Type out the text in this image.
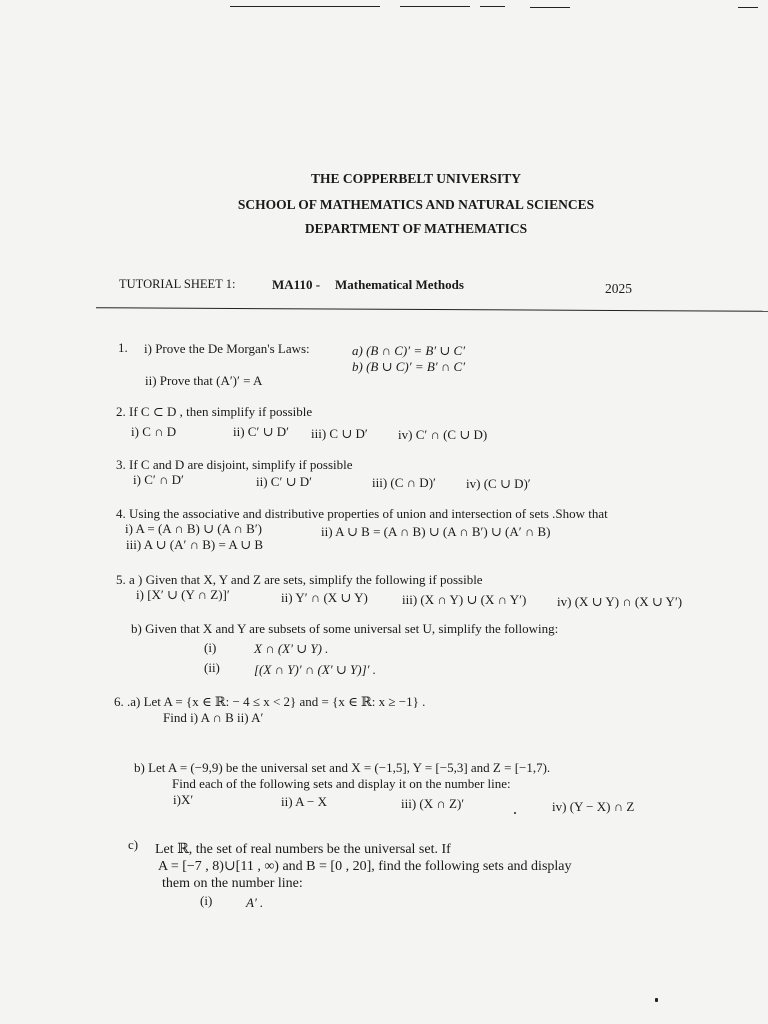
THE COPPERBELT UNIVERSITY
SCHOOL OF MATHEMATICS AND NATURAL SCIENCES
DEPARTMENT OF MATHEMATICS
TUTORIAL SHEET 1:	MA110 - Mathematical Methods	2025
1. i) Prove the De Morgan's Laws:	a) (B ∩ C)′ = B′ ∪ C′
b) (B ∪ C)′ = B′ ∩ C′
ii) Prove that (A′)′ = A
2. If C ⊂ D , then simplify if possible
i) C ∩ D	ii) C′ ∪ D′ iii) C ∪ D′ iv) C′ ∩ (C ∪ D)
3. If C and D are disjoint, simplify if possible
i) C′ ∩ D′	ii) C′ ∪ D′	iii) (C ∩ D)′ iv) (C ∪ D)′
4. Using the associative and distributive properties of union and intersection of sets .Show that
i) A = (A ∩ B) ∪ (A ∩ B′)	ii) A ∪ B = (A ∩ B) ∪ (A ∩ B′) ∪ (A′ ∩ B)
iii) A ∪ (A′ ∩ B) = A ∪ B
5. a ) Given that X, Y and Z are sets, simplify the following if possible
i) [X′ ∪ (Y ∩ Z)]′	ii) Y′ ∩ (X ∪ Y)	iii) (X ∩ Y) ∪ (X ∩ Y′) iv) (X ∪ Y) ∩ (X ∪ Y′)
b) Given that X and Y are subsets of some universal set U, simplify the following:
(i)	X ∩ (X′ ∪ Y) .
(ii)	[(X ∩ Y)′ ∩ (X′ ∪ Y)]′ .
6. .a) Let A = {x ∈ ℝ: − 4 ≤ x < 2} and = {x ∈ ℝ: x ≥ −1} .
Find i) A ∩ B ii) A′
b) Let A = (−9,9) be the universal set and X = (−1,5], Y = [−5,3] and Z = [−1,7).
Find each of the following sets and display it on the number line:
i)X′	ii) A − X	iii) (X ∩ Z)′	iv) (Y − X) ∩ Z
c) Let ℝ, the set of real numbers be the universal set. If
A = [−7 , 8)∪[11 , ∞) and B = [0 , 20], find the following sets and display
them on the number line:
(i)	A′ .
